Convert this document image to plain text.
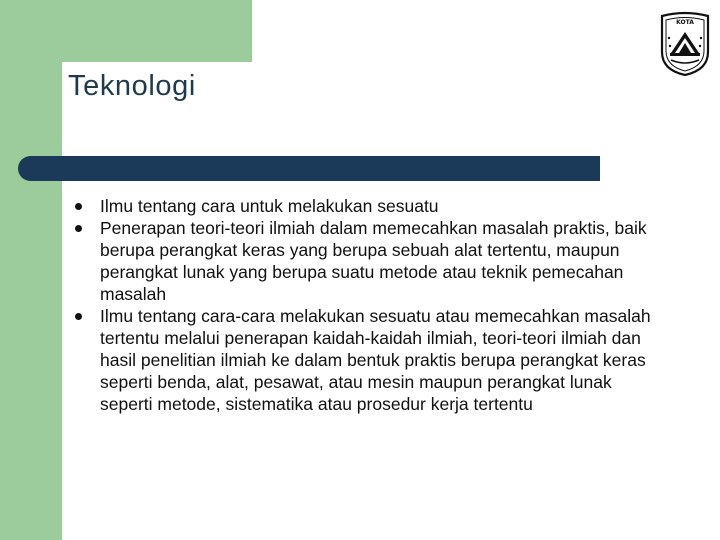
Teknologi
KOTA
Ilmu tentang cara untuk melakukan sesuatu
Penerapan teori-teori ilmiah dalam memecahkan masalah praktis, baik berupa perangkat keras yang berupa sebuah alat tertentu, maupun perangkat lunak yang berupa suatu metode atau teknik pemecahan masalah
Ilmu tentang cara-cara melakukan sesuatu atau memecahkan masalah tertentu melalui penerapan kaidah-kaidah ilmiah, teori-teori ilmiah dan hasil penelitian ilmiah ke dalam bentuk praktis berupa perangkat keras seperti benda, alat, pesawat, atau mesin maupun perangkat lunak seperti metode, sistematika atau prosedur kerja tertentu
